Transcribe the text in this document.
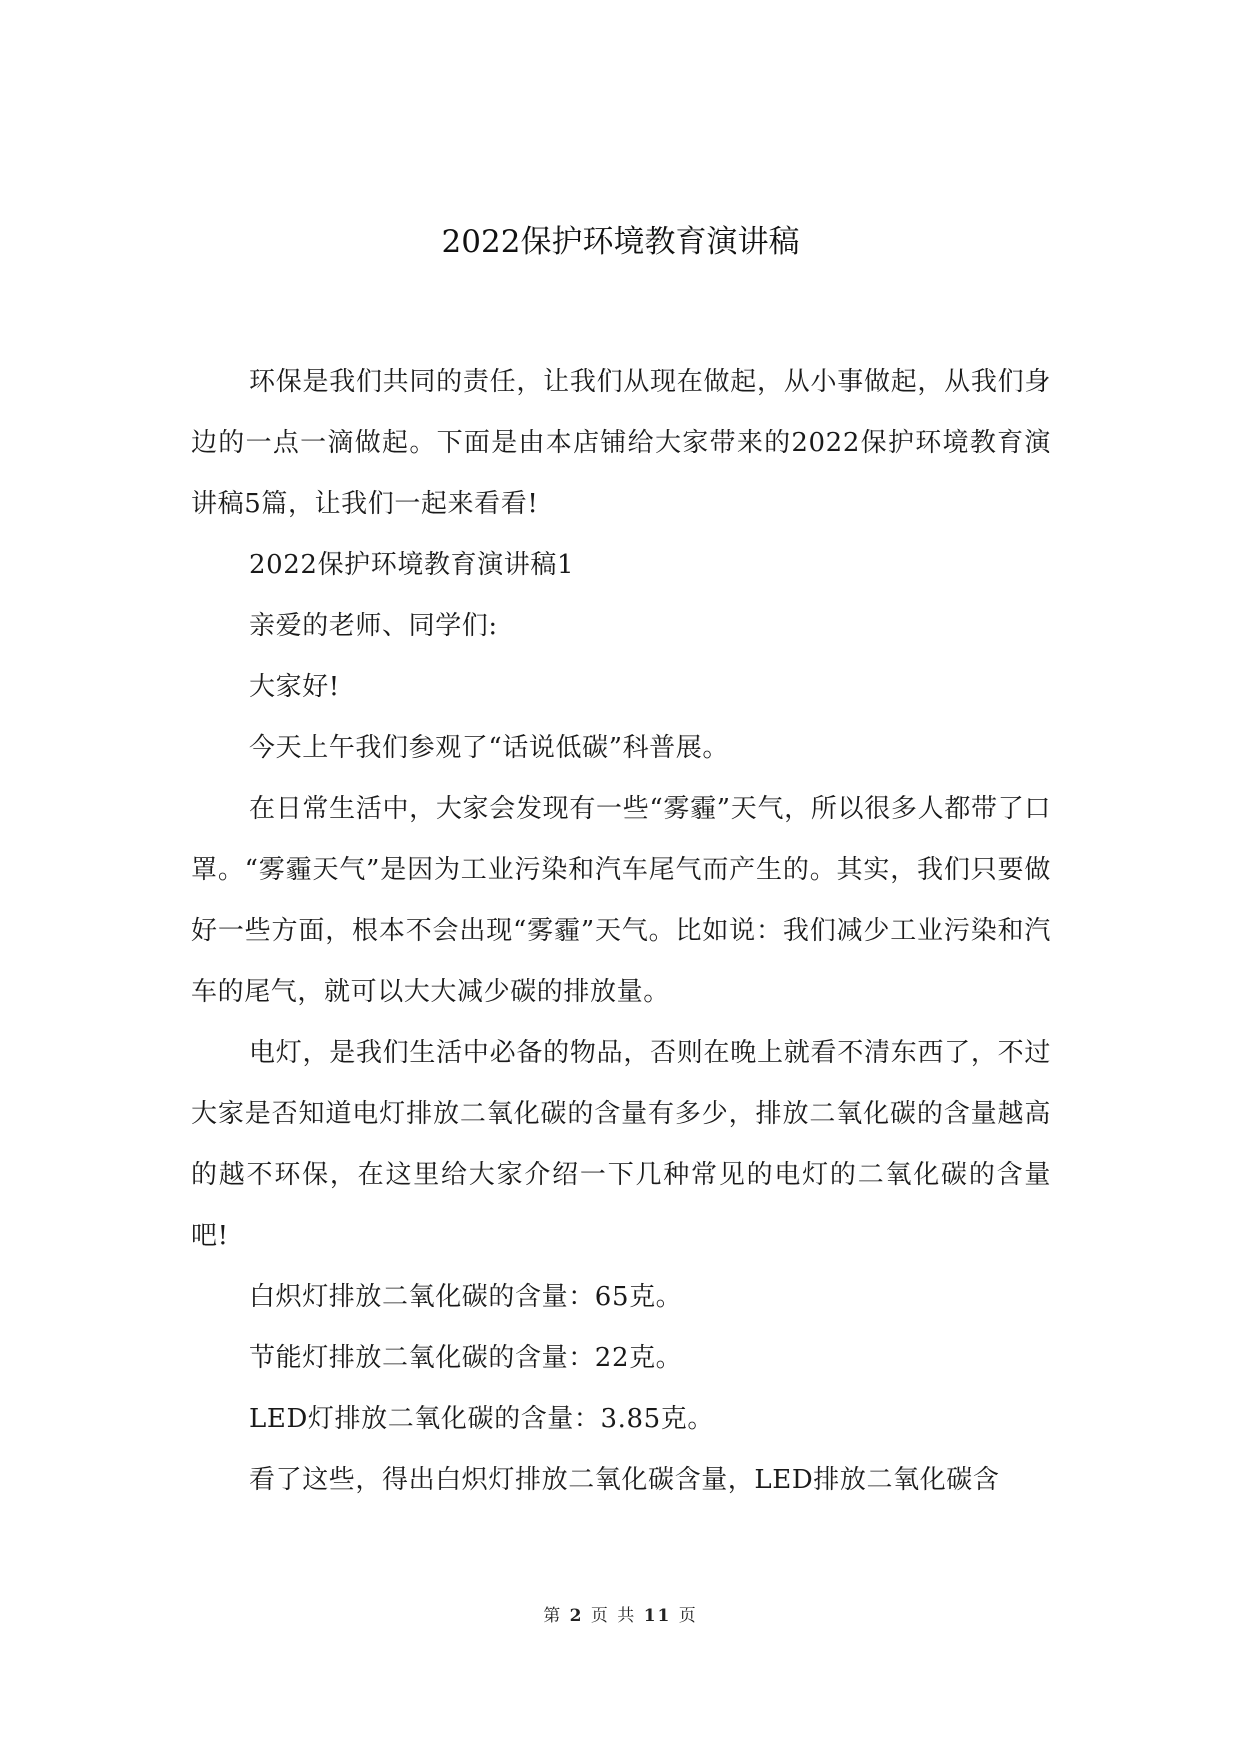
2022保护环境教育演讲稿

环保是我们共同的责任，让我们从现在做起，从小事做起，从我们身边的一点一滴做起。下面是由本店铺给大家带来的2022保护环境教育演讲稿5篇，让我们一起来看看!

2022保护环境教育演讲稿1

亲爱的老师、同学们:

大家好!

今天上午我们参观了“话说低碳”科普展。

在日常生活中，大家会发现有一些“雾霾”天气，所以很多人都带了口罩。“雾霾天气”是因为工业污染和汽车尾气而产生的。其实，我们只要做好一些方面，根本不会出现“雾霾”天气。比如说：我们减少工业污染和汽车的尾气，就可以大大减少碳的排放量。

电灯，是我们生活中必备的物品，否则在晚上就看不清东西了，不过大家是否知道电灯排放二氧化碳的含量有多少，排放二氧化碳的含量越高的越不环保，在这里给大家介绍一下几种常见的电灯的二氧化碳的含量吧!

白炽灯排放二氧化碳的含量：65克。

节能灯排放二氧化碳的含量：22克。

LED灯排放二氧化碳的含量：3.85克。

看了这些，得出白炽灯排放二氧化碳含量，LED排放二氧化碳含

第 2 页 共 11 页
